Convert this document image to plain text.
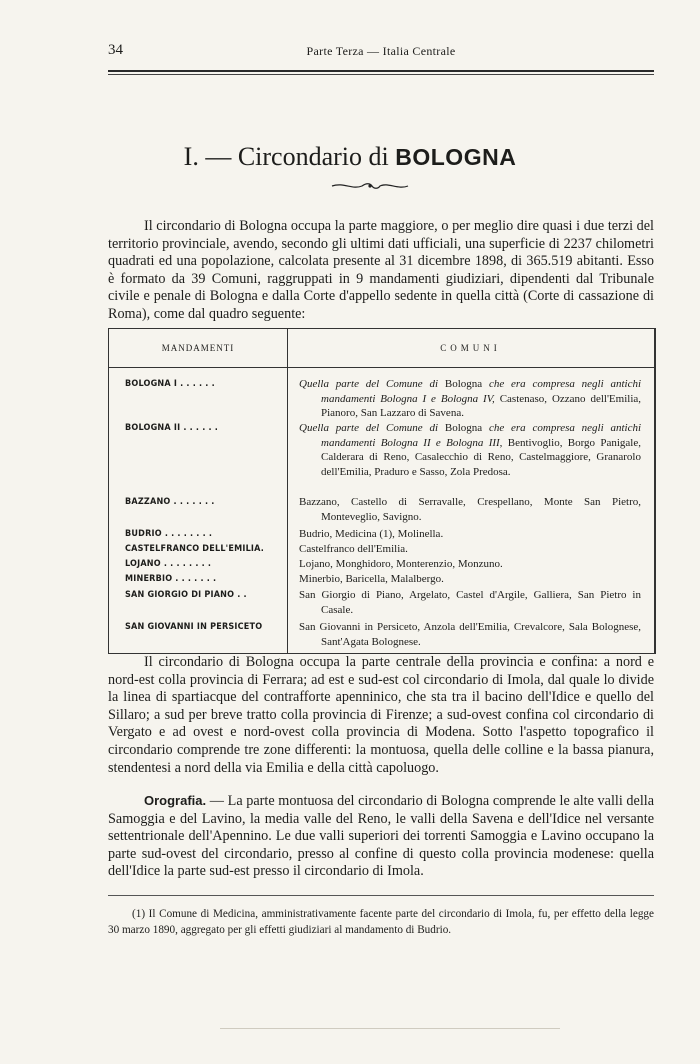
34	Parte Terza — Italia Centrale
I. — Circondario di BOLOGNA

Il circondario di Bologna occupa la parte maggiore, o per meglio dire quasi i due terzi del territorio provinciale, avendo, secondo gli ultimi dati ufficiali, una superficie di 2237 chilometri quadrati ed una popolazione, calcolata presente al 31 dicembre 1898, di 365.519 abitanti. Esso è formato da 39 Comuni, raggruppati in 9 mandamenti giudiziari, dipendenti dal Tribunale civile e penale di Bologna e dalla Corte d'appello sedente in quella città (Corte di cassazione di Roma), come dal quadro seguente:

MANDAMENTI	COMUNI
BOLOGNA I . . . . . .	Quella parte del Comune di Bologna che era compresa negli antichi mandamenti Bologna I e Bologna IV, Castenaso, Ozzano dell'Emilia, Pianoro, San Lazzaro di Savena.
BOLOGNA II . . . . . .	Quella parte del Comune di Bologna che era compresa negli antichi mandamenti Bologna II e Bologna III, Bentivoglio, Borgo Panigale, Calderara di Reno, Casalecchio di Reno, Castelmaggiore, Granarolo dell'Emilia, Praduro e Sasso, Zola Predosa.
BAZZANO . . . . . . .	Bazzano, Castello di Serravalle, Crespellano, Monte San Pietro, Monteveglio, Savigno.
BUDRIO . . . . . . . .	Budrio, Medicina (1), Molinella.
CASTELFRANCO DELL'EMILIA.	Castelfranco dell'Emilia.
LOJANO . . . . . . . .	Lojano, Monghidoro, Monterenzio, Monzuno.
MINERBIO . . . . . . .	Minerbio, Baricella, Malalbergo.
SAN GIORGIO DI PIANO . .	San Giorgio di Piano, Argelato, Castel d'Argile, Galliera, San Pietro in Casale.
SAN GIOVANNI IN PERSICETO	San Giovanni in Persiceto, Anzola dell'Emilia, Crevalcore, Sala Bolognese, Sant'Agata Bolognese.

Il circondario di Bologna occupa la parte centrale della provincia e confina: a nord e nord-est colla provincia di Ferrara; ad est e sud-est col circondario di Imola, dal quale lo divide la linea di spartiacque del contrafforte apenninico, che sta tra il bacino dell'Idice e quello del Sillaro; a sud per breve tratto colla provincia di Firenze; a sud-ovest confina col circondario di Vergato e ad ovest e nord-ovest colla provincia di Modena. Sotto l'aspetto topografico il circondario comprende tre zone differenti: la montuosa, quella delle colline e la bassa pianura, stendentesi a nord della via Emilia e della città capoluogo.

Orografia. — La parte montuosa del circondario di Bologna comprende le alte valli della Samoggia e del Lavino, la media valle del Reno, le valli della Savena e dell'Idice nel versante settentrionale dell'Apennino. Le due valli superiori dei torrenti Samoggia e Lavino occupano la parte sud-ovest del circondario, presso al confine di questo colla provincia modenese: quella dell'Idice la parte sud-est presso il circondario di Imola.

(1) Il Comune di Medicina, amministrativamente facente parte del circondario di Imola, fu, per effetto della legge 30 marzo 1890, aggregato per gli effetti giudiziari al mandamento di Budrio.
